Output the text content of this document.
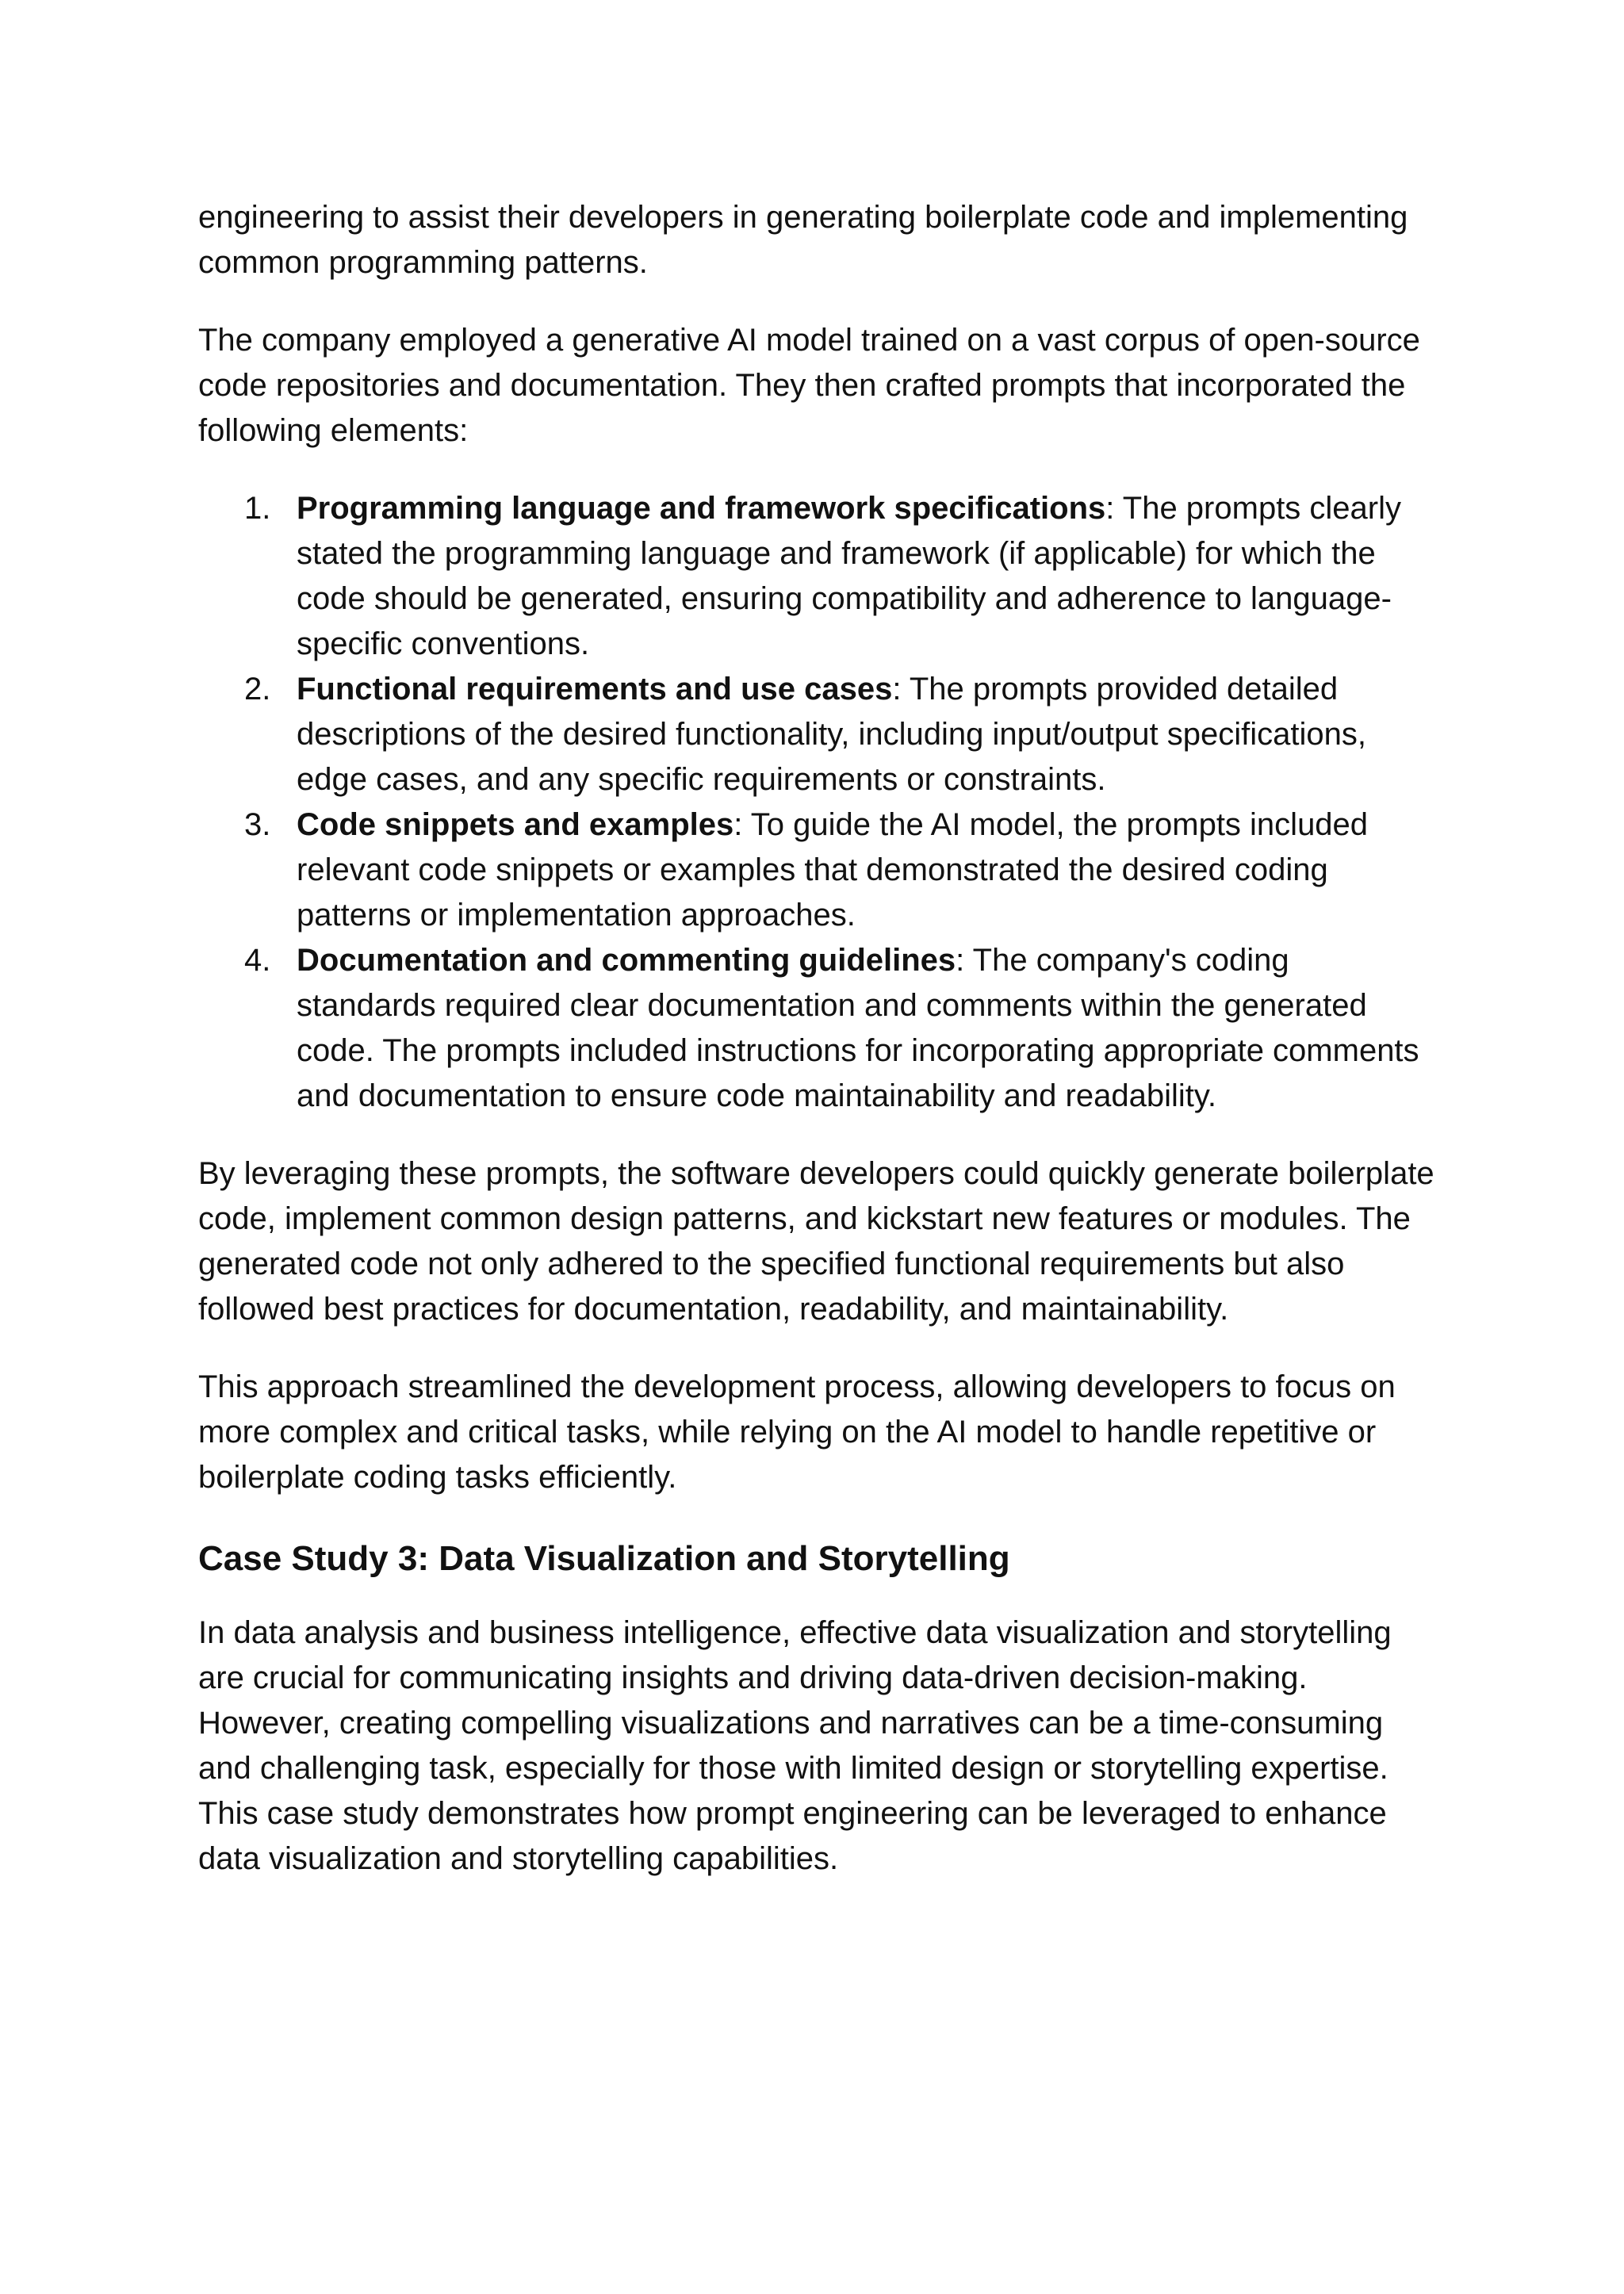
engineering to assist their developers in generating boilerplate code and implementing common programming patterns.

The company employed a generative AI model trained on a vast corpus of open-source code repositories and documentation. They then crafted prompts that incorporated the following elements:

1. Programming language and framework specifications: The prompts clearly stated the programming language and framework (if applicable) for which the code should be generated, ensuring compatibility and adherence to language-specific conventions.
2. Functional requirements and use cases: The prompts provided detailed descriptions of the desired functionality, including input/output specifications, edge cases, and any specific requirements or constraints.
3. Code snippets and examples: To guide the AI model, the prompts included relevant code snippets or examples that demonstrated the desired coding patterns or implementation approaches.
4. Documentation and commenting guidelines: The company's coding standards required clear documentation and comments within the generated code. The prompts included instructions for incorporating appropriate comments and documentation to ensure code maintainability and readability.

By leveraging these prompts, the software developers could quickly generate boilerplate code, implement common design patterns, and kickstart new features or modules. The generated code not only adhered to the specified functional requirements but also followed best practices for documentation, readability, and maintainability.

This approach streamlined the development process, allowing developers to focus on more complex and critical tasks, while relying on the AI model to handle repetitive or boilerplate coding tasks efficiently.

Case Study 3: Data Visualization and Storytelling

In data analysis and business intelligence, effective data visualization and storytelling are crucial for communicating insights and driving data-driven decision-making. However, creating compelling visualizations and narratives can be a time-consuming and challenging task, especially for those with limited design or storytelling expertise. This case study demonstrates how prompt engineering can be leveraged to enhance data visualization and storytelling capabilities.
